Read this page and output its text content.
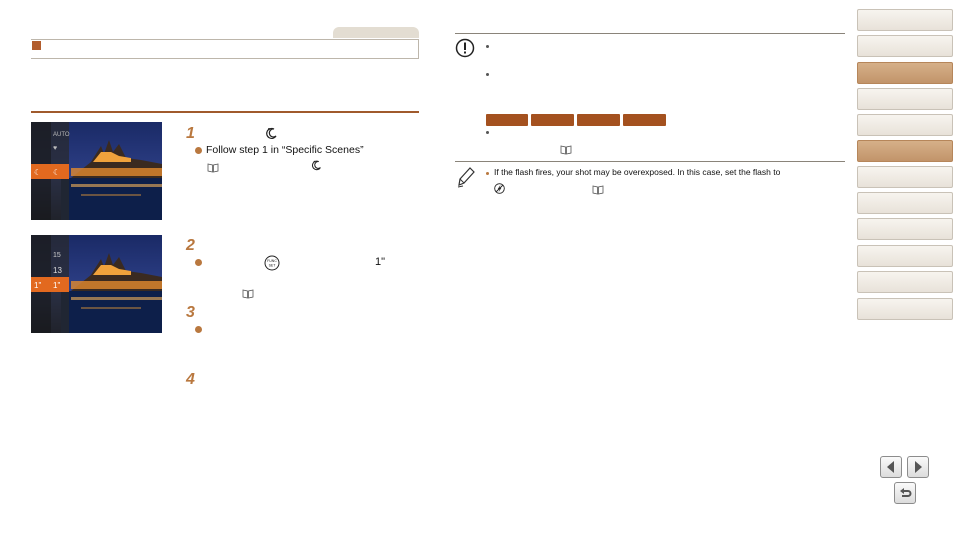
☾ ☾
AUTO
♥
15
13
1" 1"
1
Follow step 1 in “Specific Scenes”
2
FUNC
SET	1"
3
4
If the flash fires, your shot may be overexposed. In this case, set the flash to
